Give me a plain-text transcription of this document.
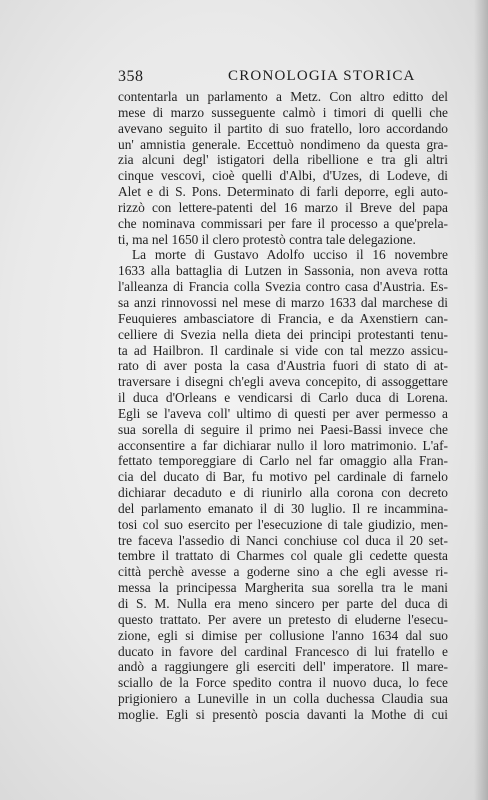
358	CRONOLOGIA STORICA
contentarla un parlamento a Metz. Con altro editto del
mese di marzo susseguente calmò i timori di quelli che
avevano seguito il partito di suo fratello, loro accordando
un' amnistia generale. Eccettuò nondimeno da questa gra-
zia alcuni degl' istigatori della ribellione e tra gli altri
cinque vescovi, cioè quelli d'Albi, d'Uzes, di Lodeve, di
Alet e di S. Pons. Determinato di farli deporre, egli auto-
rizzò con lettere-patenti del 16 marzo il Breve del papa
che nominava commissari per fare il processo a que'prela-
ti, ma nel 1650 il clero protestò contra tale delegazione.
La morte di Gustavo Adolfo ucciso il 16 novembre
1633 alla battaglia di Lutzen in Sassonia, non aveva rotta
l'alleanza di Francia colla Svezia contro casa d'Austria. Es-
sa anzi rinnovossi nel mese di marzo 1633 dal marchese di
Feuquieres ambasciatore di Francia, e da Axenstiern can-
celliere di Svezia nella dieta dei principi protestanti tenu-
ta ad Hailbron. Il cardinale si vide con tal mezzo assicu-
rato di aver posta la casa d'Austria fuori di stato di at-
traversare i disegni ch'egli aveva concepito, di assoggettare
il duca d'Orleans e vendicarsi di Carlo duca di Lorena.
Egli se l'aveva coll' ultimo di questi per aver permesso a
sua sorella di seguire il primo nei Paesi-Bassi invece che
acconsentire a far dichiarar nullo il loro matrimonio. L'af-
fettato temporeggiare di Carlo nel far omaggio alla Fran-
cia del ducato di Bar, fu motivo pel cardinale di farnelo
dichiarar decaduto e di riunirlo alla corona con decreto
del parlamento emanato il di 30 luglio. Il re incammina-
tosi col suo esercito per l'esecuzione di tale giudizio, men-
tre faceva l'assedio di Nanci conchiuse col duca il 20 set-
tembre il trattato di Charmes col quale gli cedette questa
città perchè avesse a goderne sino a che egli avesse ri-
messa la principessa Margherita sua sorella tra le mani
di S. M. Nulla era meno sincero per parte del duca di
questo trattato. Per avere un pretesto di eluderne l'esecu-
zione, egli si dimise per collusione l'anno 1634 dal suo
ducato in favore del cardinal Francesco di lui fratello e
andò a raggiungere gli eserciti dell' imperatore. Il mare-
sciallo de la Force spedito contra il nuovo duca, lo fece
prigioniero a Luneville in un colla duchessa Claudia sua
moglie. Egli si presentò poscia davanti la Mothe di cui
